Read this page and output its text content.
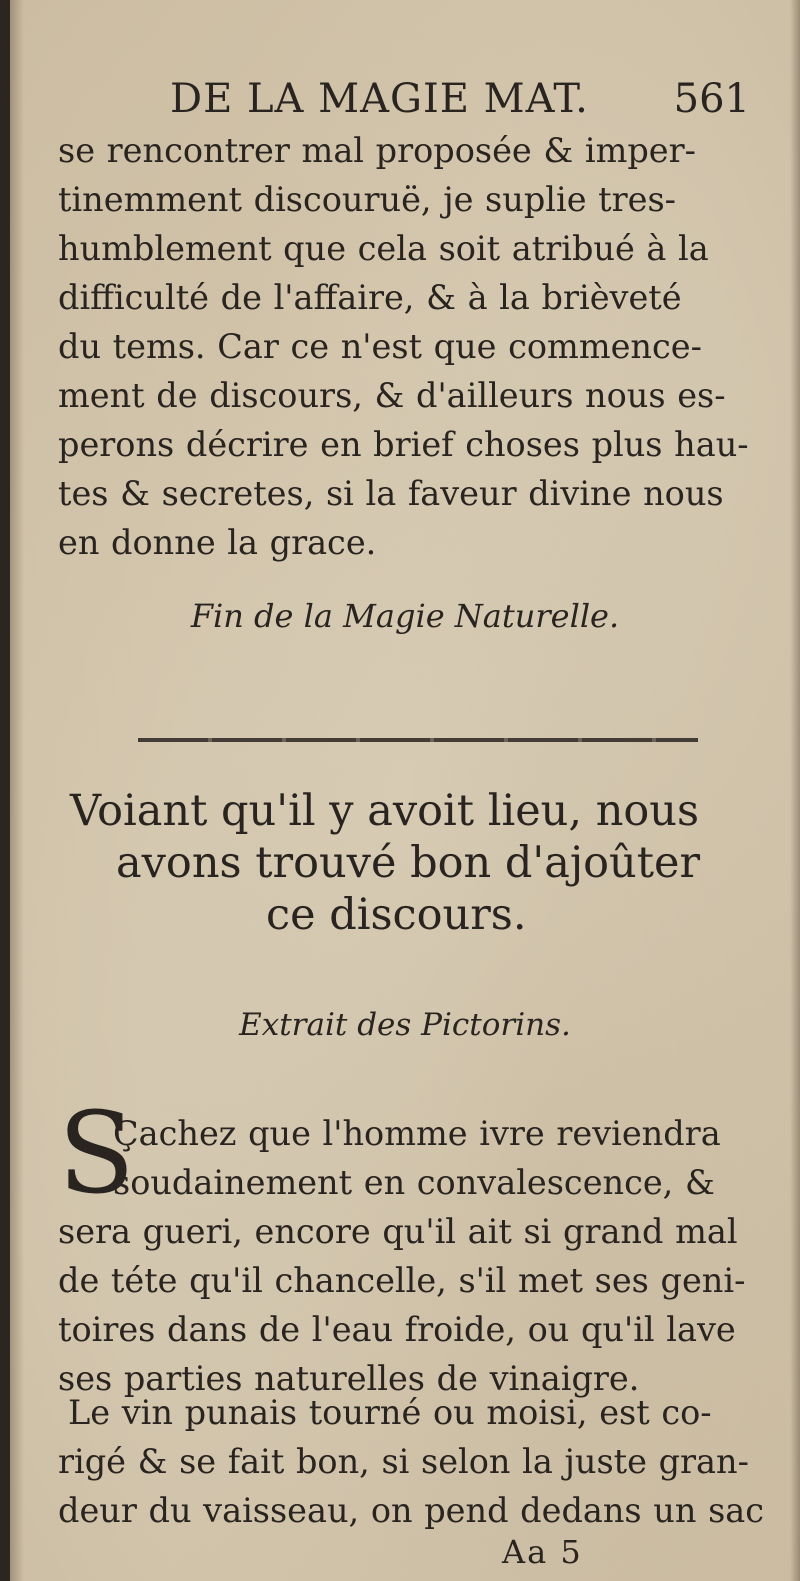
DE LA MAGIE MAT. 561
se rencontrer mal proposée & imper-
tinemment discouruë, je suplie tres-
humblement que cela soit atribué à la
difficulté de l'affaire, & à la brièveté
du tems. Car ce n'est que commence-
ment de discours, & d'ailleurs nous es-
perons décrire en brief choses plus hau-
tes & secretes, si la faveur divine nous
en donne la grace.
Fin de la Magie Naturelle.
Voiant qu'il y avoit lieu, nous
avons trouvé bon d'ajoûter
ce discours.
Extrait des Pictorins.
S
Çachez que l'homme ivre reviendra
soudainement en convalescence, &
sera gueri, encore qu'il ait si grand mal
de téte qu'il chancelle, s'il met ses geni-
toires dans de l'eau froide, ou qu'il lave
ses parties naturelles de vinaigre.
Le vin punais tourné ou moisi, est co-
rigé & se fait bon, si selon la juste gran-
deur du vaisseau, on pend dedans un sac
Aa 5
